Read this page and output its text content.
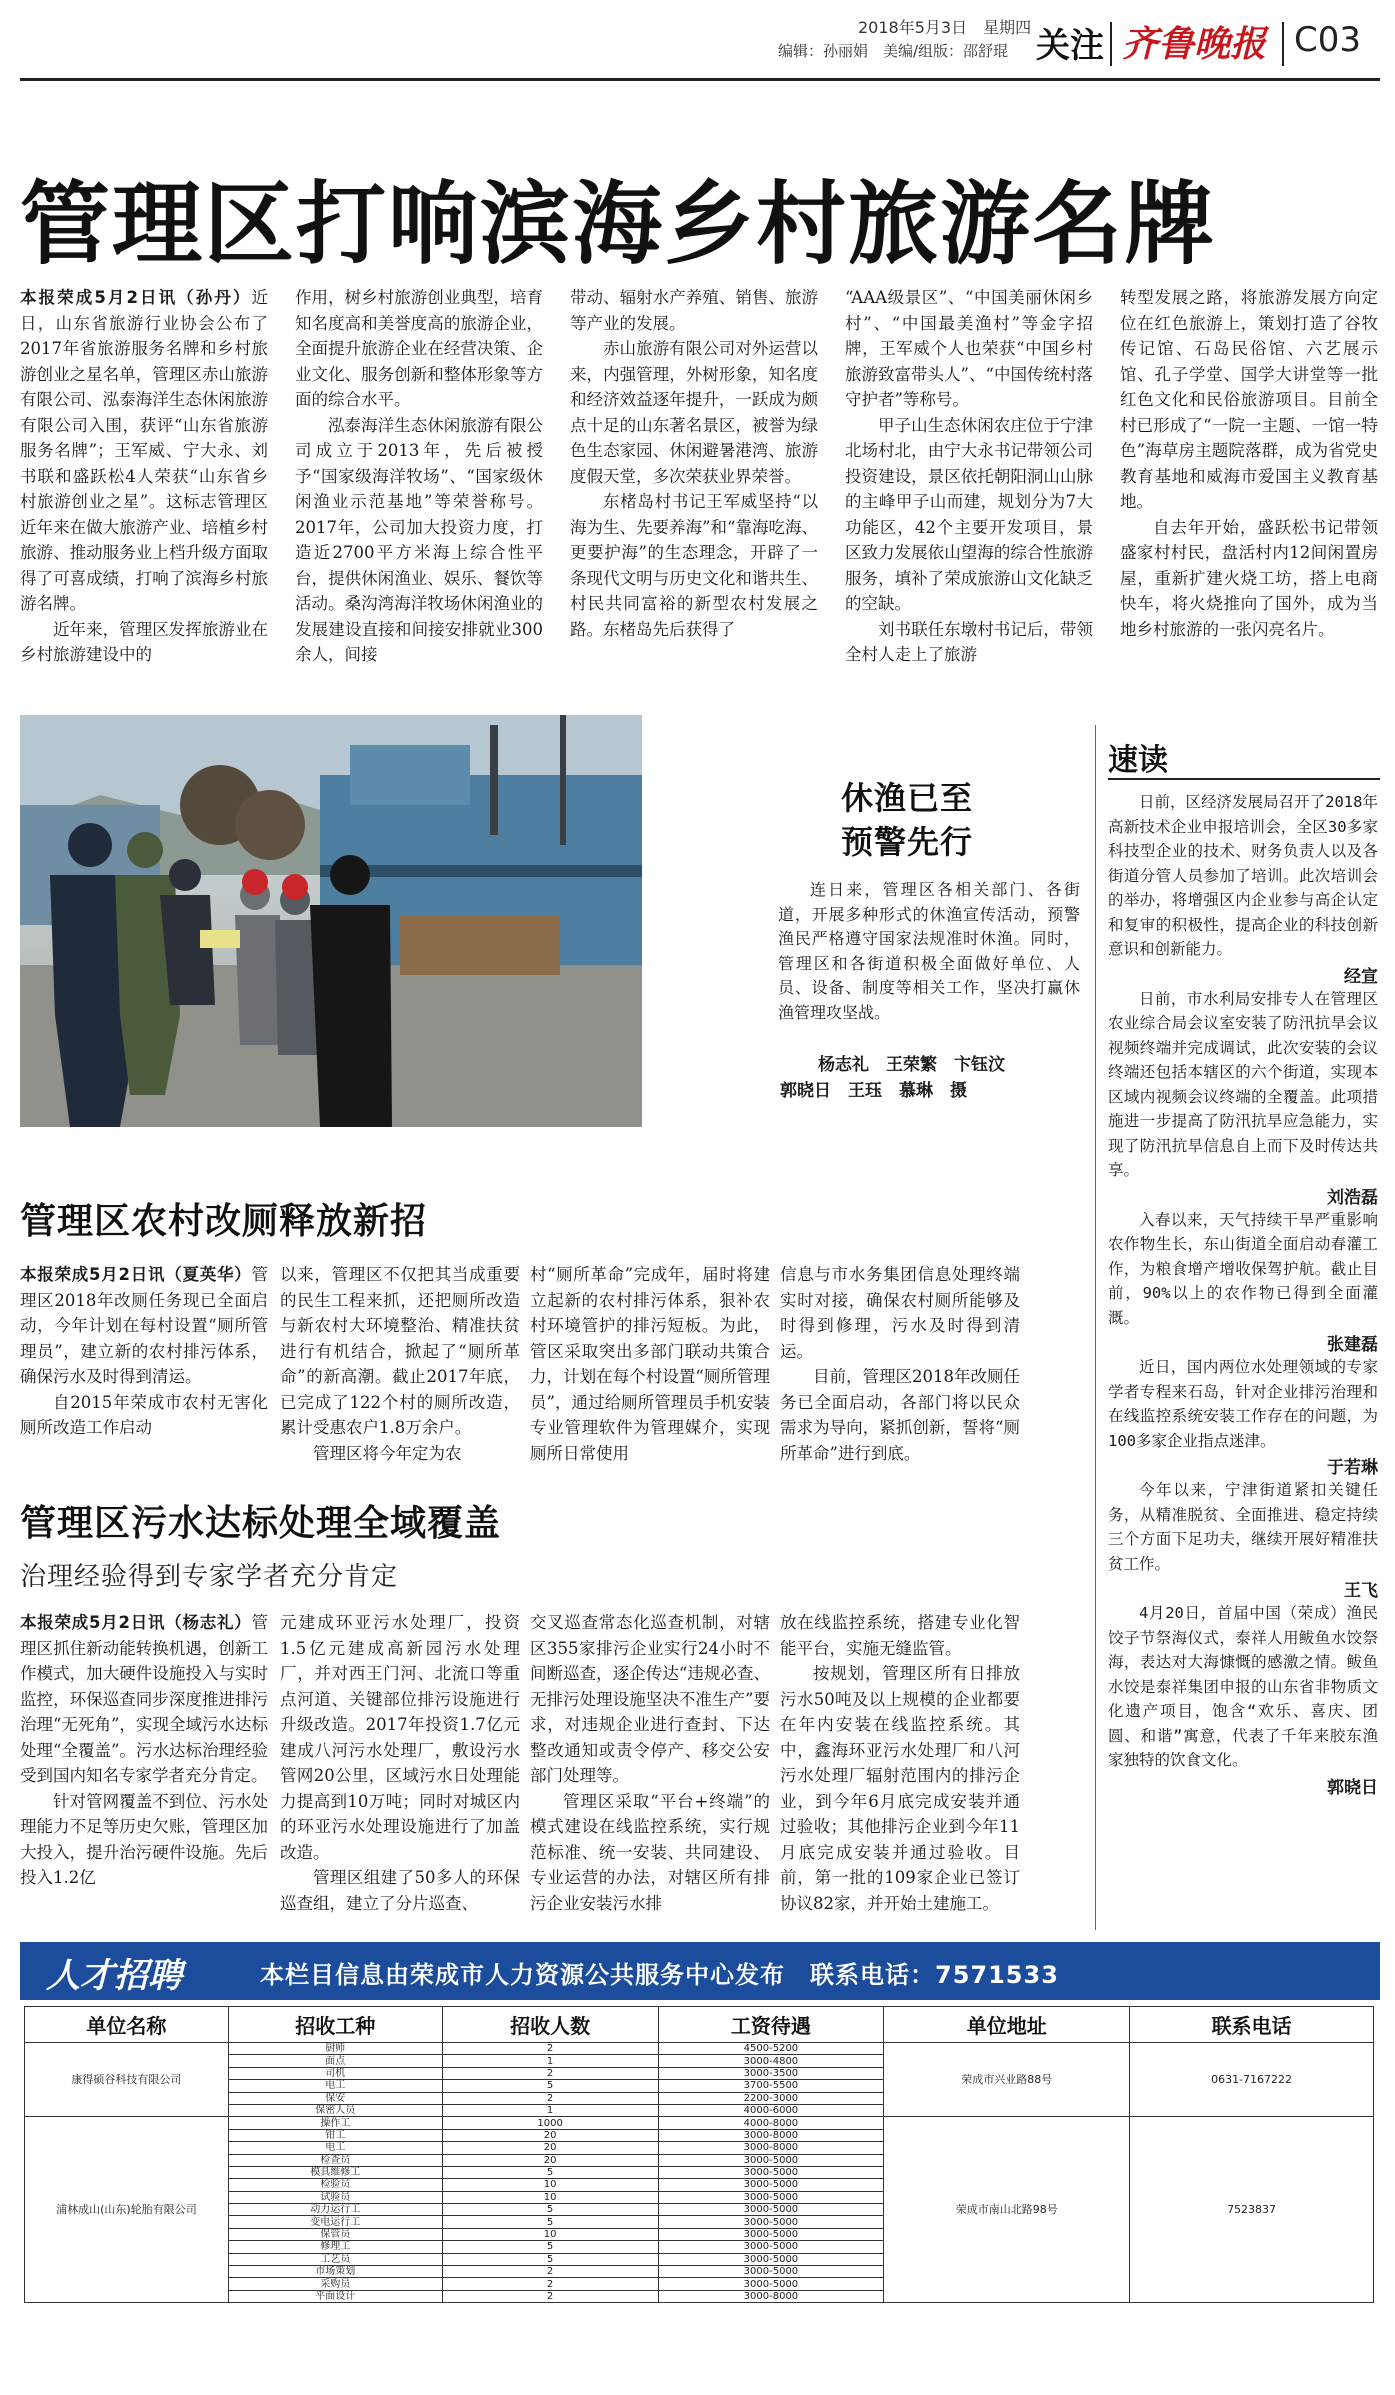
2018年5月3日　星期四
编辑：孙丽娟　美编/组版：邵舒琨 关注 齐鲁晚报 C03
管理区打响滨海乡村旅游名牌

本报荣成5月2日讯（孙丹）近日，山东省旅游行业协会公布了2017年省旅游服务名牌和乡村旅游创业之星名单，管理区赤山旅游有限公司、泓泰海洋生态休闲旅游有限公司入围，获评“山东省旅游服务名牌”；王军威、宁大永、刘书联和盛跃松4人荣获“山东省乡村旅游创业之星”。这标志管理区近年来在做大旅游产业、培植乡村旅游、推动服务业上档升级方面取得了可喜成绩，打响了滨海乡村旅游名牌。

近年来，管理区发挥旅游业在乡村旅游建设中的

作用，树乡村旅游创业典型，培育知名度高和美誉度高的旅游企业，全面提升旅游企业在经营决策、企业文化、服务创新和整体形象等方面的综合水平。

泓泰海洋生态休闲旅游有限公司成立于2013年，先后被授予“国家级海洋牧场”、“国家级休闲渔业示范基地”等荣誉称号。2017年，公司加大投资力度，打造近2700平方米海上综合性平台，提供休闲渔业、娱乐、餐饮等活动。桑沟湾海洋牧场休闲渔业的发展建设直接和间接安排就业300余人，间接

带动、辐射水产养殖、销售、旅游等产业的发展。

赤山旅游有限公司对外运营以来，内强管理，外树形象，知名度和经济效益逐年提升，一跃成为颇点十足的山东著名景区，被誉为绿色生态家园、休闲避暑港湾、旅游度假天堂，多次荣获业界荣誉。

东楮岛村书记王军威坚持“以海为生、先要养海”和“靠海吃海、更要护海”的生态理念，开辟了一条现代文明与历史文化和谐共生、村民共同富裕的新型农村发展之路。东楮岛先后获得了

“AAA级景区”、“中国美丽休闲乡村”、“中国最美渔村”等金字招牌，王军威个人也荣获“中国乡村旅游致富带头人”、“中国传统村落守护者”等称号。

甲子山生态休闲农庄位于宁津北场村北，由宁大永书记带领公司投资建设，景区依托朝阳洞山山脉的主峰甲子山而建，规划分为7大功能区，42个主要开发项目，景区致力发展依山望海的综合性旅游服务，填补了荣成旅游山文化缺乏的空缺。

刘书联任东墩村书记后，带领全村人走上了旅游

转型发展之路，将旅游发展方向定位在红色旅游上，策划打造了谷牧传记馆、石岛民俗馆、六艺展示馆、孔子学堂、国学大讲堂等一批红色文化和民俗旅游项目。目前全村已形成了“一院一主题、一馆一特色”海草房主题院落群，成为省党史教育基地和威海市爱国主义教育基地。

自去年开始，盛跃松书记带领盛家村村民，盘活村内12间闲置房屋，重新扩建火烧工坊，搭上电商快车，将火烧推向了国外，成为当地乡村旅游的一张闪亮名片。

休渔已至
预警先行

连日来，管理区各相关部门、各街道，开展多种形式的休渔宣传活动，预警渔民严格遵守国家法规准时休渔。同时，管理区和各街道积极全面做好单位、人员、设备、制度等相关工作，坚决打赢休渔管理攻坚战。

杨志礼　王荣繁　卞钰汶
郭晓日　王珏　慕琳　摄
管理区农村改厕释放新招

本报荣成5月2日讯（夏英华）管理区2018年改厕任务现已全面启动，今年计划在每村设置“厕所管理员”，建立新的农村排污体系，确保污水及时得到清运。

自2015年荣成市农村无害化厕所改造工作启动

以来，管理区不仅把其当成重要的民生工程来抓，还把厕所改造与新农村大环境整治、精准扶贫进行有机结合，掀起了“厕所革命”的新高潮。截止2017年底，已完成了122个村的厕所改造，累计受惠农户1.8万余户。

管理区将今年定为农

村“厕所革命”完成年，届时将建立起新的农村排污体系，狠补农村环境管护的排污短板。为此，管区采取突出多部门联动共策合力，计划在每个村设置“厕所管理员”，通过给厕所管理员手机安装专业管理软件为管理媒介，实现厕所日常使用

信息与市水务集团信息处理终端实时对接，确保农村厕所能够及时得到修理，污水及时得到清运。

目前，管理区2018年改厕任务已全面启动，各部门将以民众需求为导向，紧抓创新，誓将“厕所革命”进行到底。

管理区污水达标处理全域覆盖
治理经验得到专家学者充分肯定

本报荣成5月2日讯（杨志礼）管理区抓住新动能转换机遇，创新工作模式，加大硬件设施投入与实时监控，环保巡查同步深度推进排污治理“无死角”，实现全域污水达标处理“全覆盖”。污水达标治理经验受到国内知名专家学者充分肯定。

针对管网覆盖不到位、污水处理能力不足等历史欠账，管理区加大投入，提升治污硬件设施。先后投入1.2亿

元建成环亚污水处理厂，投资1.5亿元建成高新园污水处理厂，并对西王门河、北流口等重点河道、关键部位排污设施进行升级改造。2017年投资1.7亿元建成八河污水处理厂，敷设污水管网20公里，区域污水日处理能力提高到10万吨；同时对城区内的环亚污水处理设施进行了加盖改造。

管理区组建了50多人的环保巡查组，建立了分片巡查、

交叉巡查常态化巡查机制，对辖区355家排污企业实行24小时不间断巡查，逐企传达“违规必查、无排污处理设施坚决不准生产”要求，对违规企业进行查封、下达整改通知或责令停产、移交公安部门处理等。

管理区采取“平台+终端”的模式建设在线监控系统，实行规范标准、统一安装、共同建设、专业运营的办法，对辖区所有排污企业安装污水排

放在线监控系统，搭建专业化智能平台，实施无缝监管。

按规划，管理区所有日排放污水50吨及以上规模的企业都要在年内安装在线监控系统。其中，鑫海环亚污水处理厂和八河污水处理厂辐射范围内的排污企业，到今年6月底完成安装并通过验收；其他排污企业到今年11月底完成安装并通过验收。目前，第一批的109家企业已签订协议82家，并开始土建施工。

速读

日前，区经济发展局召开了2018年高新技术企业申报培训会，全区30多家科技型企业的技术、财务负责人以及各街道分管人员参加了培训。此次培训会的举办，将增强区内企业参与高企认定和复审的积极性，提高企业的科技创新意识和创新能力。

经宣

日前，市水利局安排专人在管理区农业综合局会议室安装了防汛抗旱会议视频终端并完成调试，此次安装的会议终端还包括本辖区的六个街道，实现本区域内视频会议终端的全覆盖。此项措施进一步提高了防汛抗旱应急能力，实现了防汛抗旱信息自上而下及时传达共享。

刘浩磊

入春以来，天气持续干旱严重影响农作物生长，东山街道全面启动春灌工作，为粮食增产增收保驾护航。截止目前，90%以上的农作物已得到全面灌溉。

张建磊

近日，国内两位水处理领域的专家学者专程来石岛，针对企业排污治理和在线监控系统安装工作存在的问题，为100多家企业指点迷津。

于若琳

今年以来，宁津街道紧扣关键任务，从精准脱贫、全面推进、稳定持续三个方面下足功夫，继续开展好精准扶贫工作。

王飞

4月20日，首届中国（荣成）渔民饺子节祭海仪式，泰祥人用鲅鱼水饺祭海，表达对大海慷慨的感激之情。鲅鱼水饺是泰祥集团申报的山东省非物质文化遗产项目，饱含“欢乐、喜庆、团圆、和谐”寓意，代表了千年来胶东渔家独特的饮食文化。

郭晓日
人才招聘	本栏目信息由荣成市人力资源公共服务中心发布　联系电话：7571533
单位名称	招收工种	招收人数	工资待遇	单位地址	联系电话
康得硕谷科技有限公司	厨师	2	4500-5200	荣成市兴业路88号	0631-7167222
	面点	1	3000-4800		
	司机	2	3000-3500		
	电工	5	3700-5500		
	保安	2	2200-3000		
	保密人员	1	4000-6000		
浦林成山(山东)轮胎有限公司	操作工	1000	4000-8000	荣成市南山北路98号	7523837
	钳工	20	3000-8000		
	电工	20	3000-8000		
	检查员	20	3000-5000		
	模具维修工	5	3000-5000		
	检验员	10	3000-5000		
	试验员	10	3000-5000		
	动力运行工	5	3000-5000		
	变电运行工	5	3000-5000		
	保管员	10	3000-5000		
	修理工	5	3000-5000		
	工艺员	5	3000-5000		
	市场策划	2	3000-5000		
	采购员	2	3000-5000		
	平面设计	2	3000-8000		
